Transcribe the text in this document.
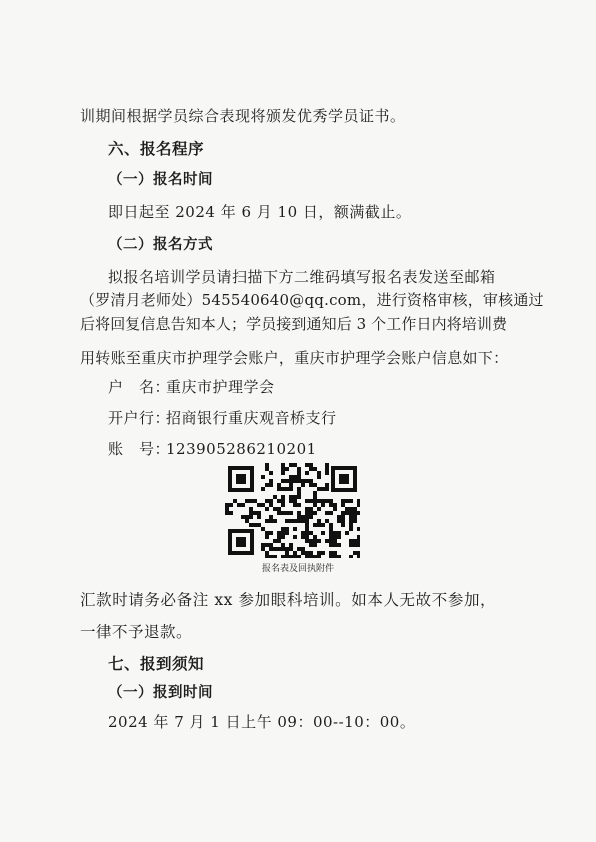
训期间根据学员综合表现将颁发优秀学员证书。
六、报名程序
（一）报名时间
即日起至 2024 年 6 月 10 日，额满截止。
（二）报名方式
拟报名培训学员请扫描下方二维码填写报名表发送至邮箱
（罗清月老师处）545540640@qq.com，进行资格审核，审核通过
后将回复信息告知本人；学员接到通知后 3 个工作日内将培训费
用转账至重庆市护理学会账户，重庆市护理学会账户信息如下：
户　名：重庆市护理学会
开户行：招商银行重庆观音桥支行
账　号：123905286210201
报名表及回执附件
汇款时请务必备注 xx 参加眼科培训。如本人无故不参加，
一律不予退款。
七、报到须知
（一）报到时间
2024 年 7 月 1 日上午 09：00--10：00。
